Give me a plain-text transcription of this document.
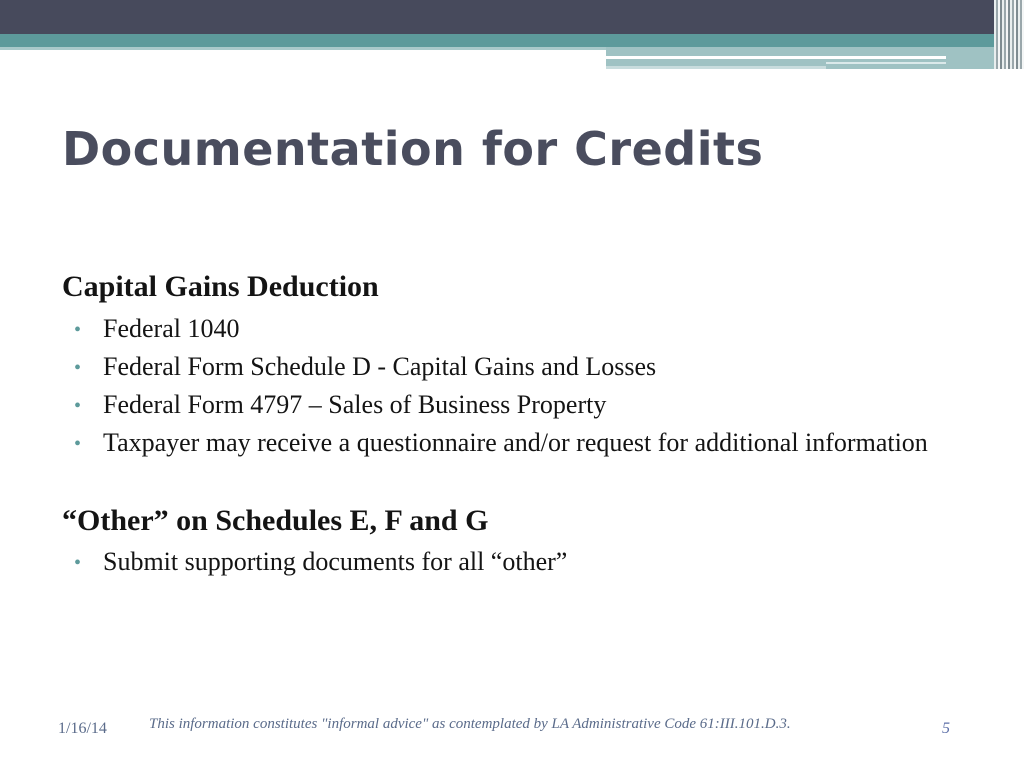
Documentation for Credits
Capital Gains Deduction
• Federal 1040
• Federal Form Schedule D - Capital Gains and Losses
• Federal Form 4797 – Sales of Business Property
• Taxpayer may receive a questionnaire and/or request for additional information
“Other” on Schedules E, F and G
• Submit supporting documents for all “other”
1/16/14	This information constitutes "informal advice" as contemplated by LA Administrative Code 61:III.101.D.3.	5
